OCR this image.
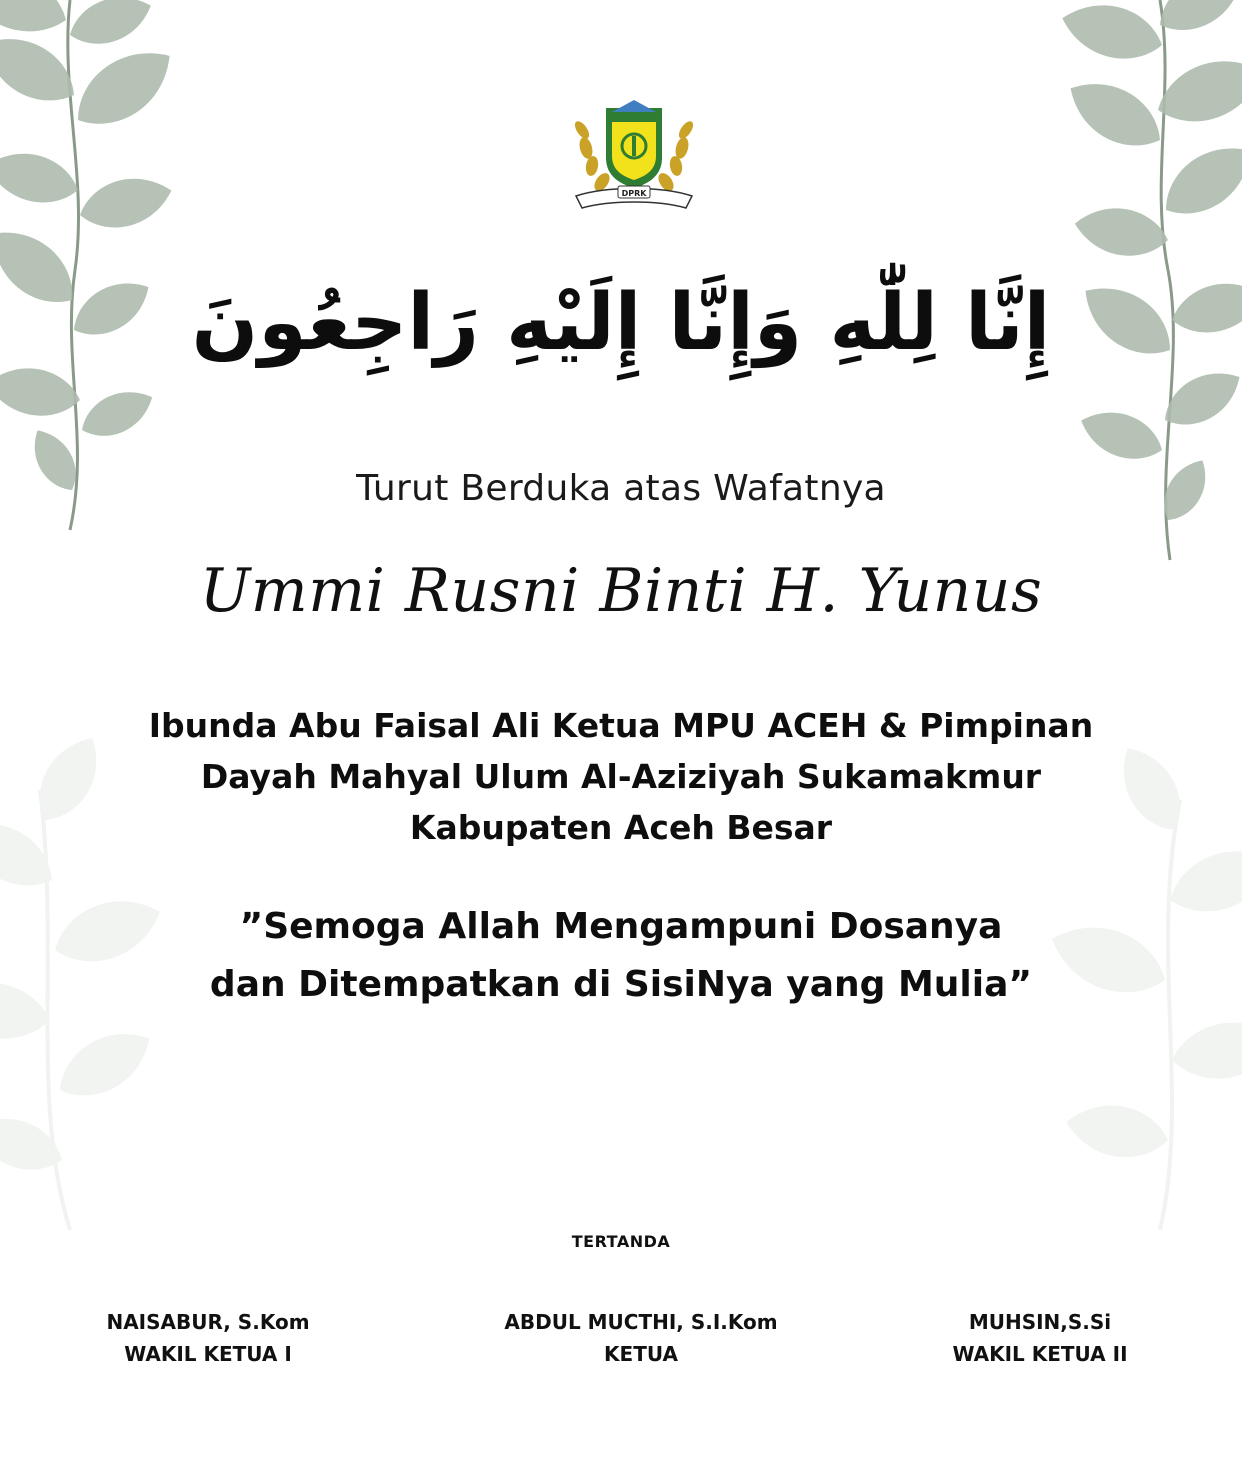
DPRK
إِنَّا لِلّٰهِ وَإِنَّا إِلَيْهِ رَاجِعُونَ
Turut Berduka atas Wafatnya
Ummi Rusni Binti H. Yunus
Ibunda Abu Faisal Ali Ketua MPU ACEH & Pimpinan
Dayah Mahyal Ulum Al-Aziziyah Sukamakmur
Kabupaten Aceh Besar
”Semoga Allah Mengampuni Dosanya
dan Ditempatkan di SisiNya yang Mulia”
TERTANDA
NAISABUR, S.Kom
WAKIL KETUA I
ABDUL MUCTHI, S.I.Kom
KETUA
MUHSIN,S.Si
WAKIL KETUA II
